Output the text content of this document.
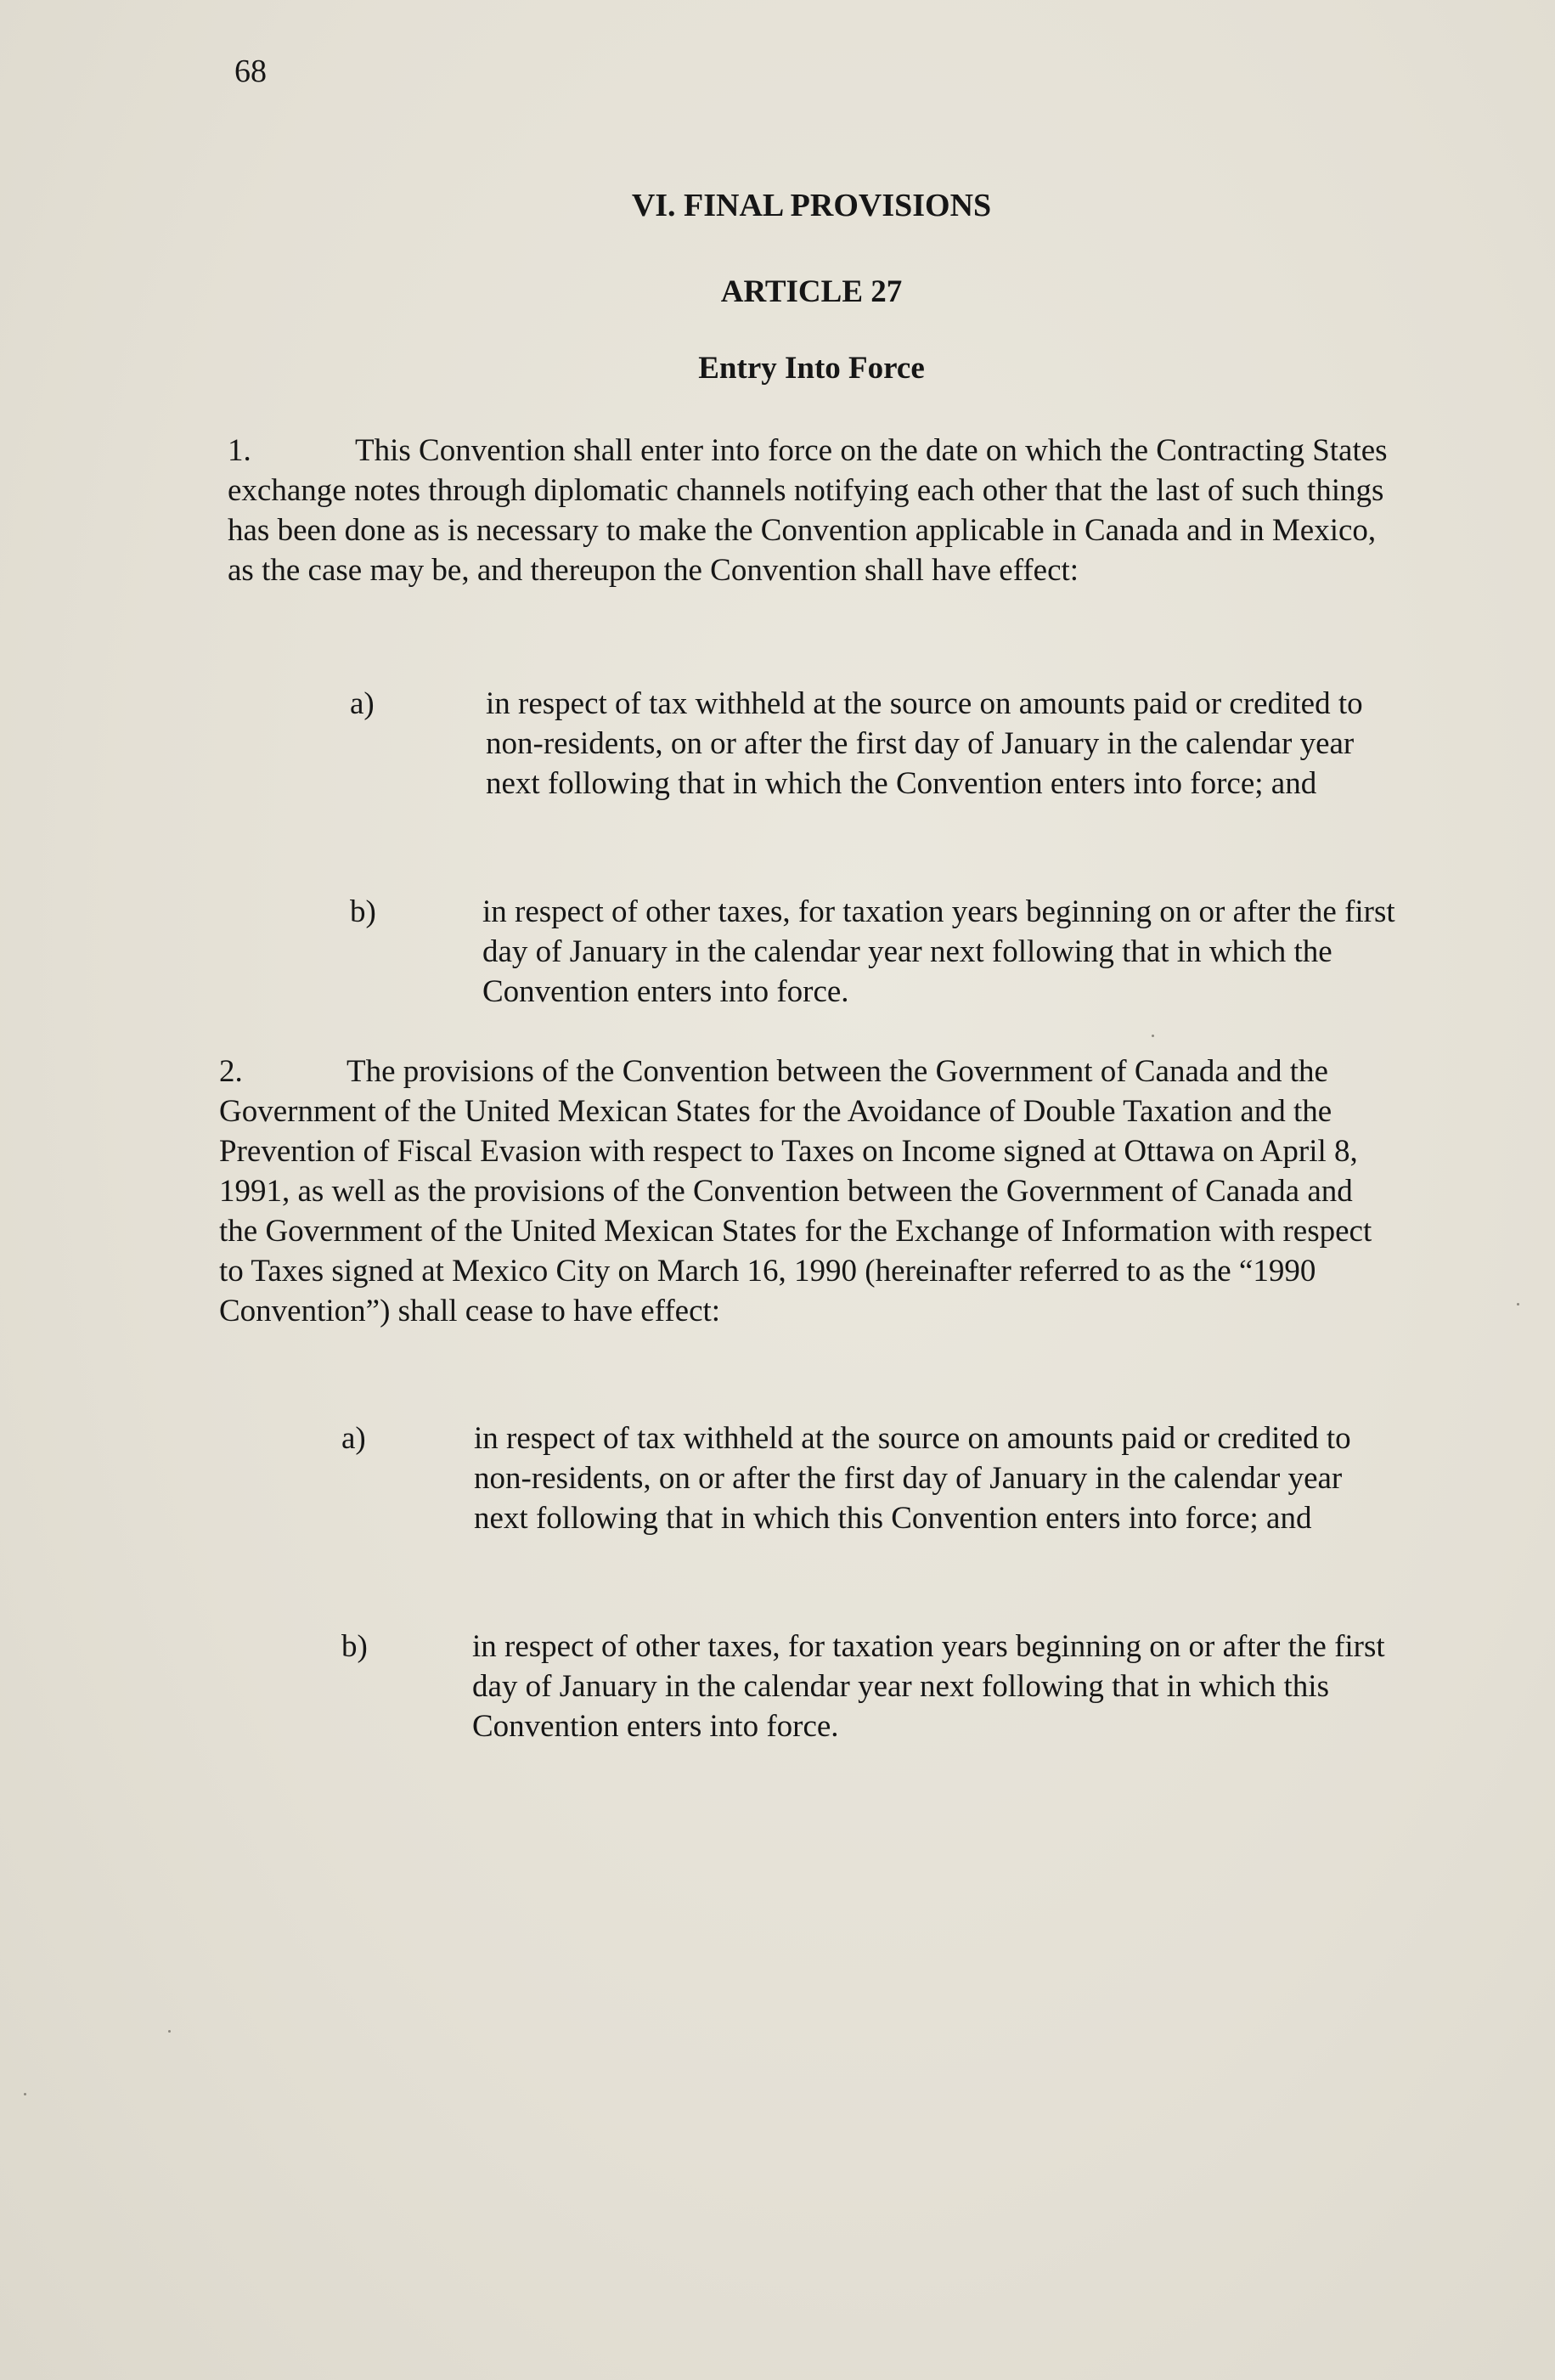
68
VI. FINAL PROVISIONS
ARTICLE 27
Entry Into Force

1.	This Convention shall enter into force on the date on which the Contracting States exchange notes through diplomatic channels notifying each other that the last of such things has been done as is necessary to make the Convention applicable in Canada and in Mexico, as the case may be, and thereupon the Convention shall have effect:

a)	in respect of tax withheld at the source on amounts paid or credited to non-residents, on or after the first day of January in the calendar year next following that in which the Convention enters into force; and

b)	in respect of other taxes, for taxation years beginning on or after the first day of January in the calendar year next following that in which the Convention enters into force.

2.	The provisions of the Convention between the Government of Canada and the Government of the United Mexican States for the Avoidance of Double Taxation and the Prevention of Fiscal Evasion with respect to Taxes on Income signed at Ottawa on April 8, 1991, as well as the provisions of the Convention between the Government of Canada and the Government of the United Mexican States for the Exchange of Information with respect to Taxes signed at Mexico City on March 16, 1990 (hereinafter referred to as the “1990 Convention”) shall cease to have effect:

a)	in respect of tax withheld at the source on amounts paid or credited to non-residents, on or after the first day of January in the calendar year next following that in which this Convention enters into force; and

b)	in respect of other taxes, for taxation years beginning on or after the first day of January in the calendar year next following that in which this Convention enters into force.
